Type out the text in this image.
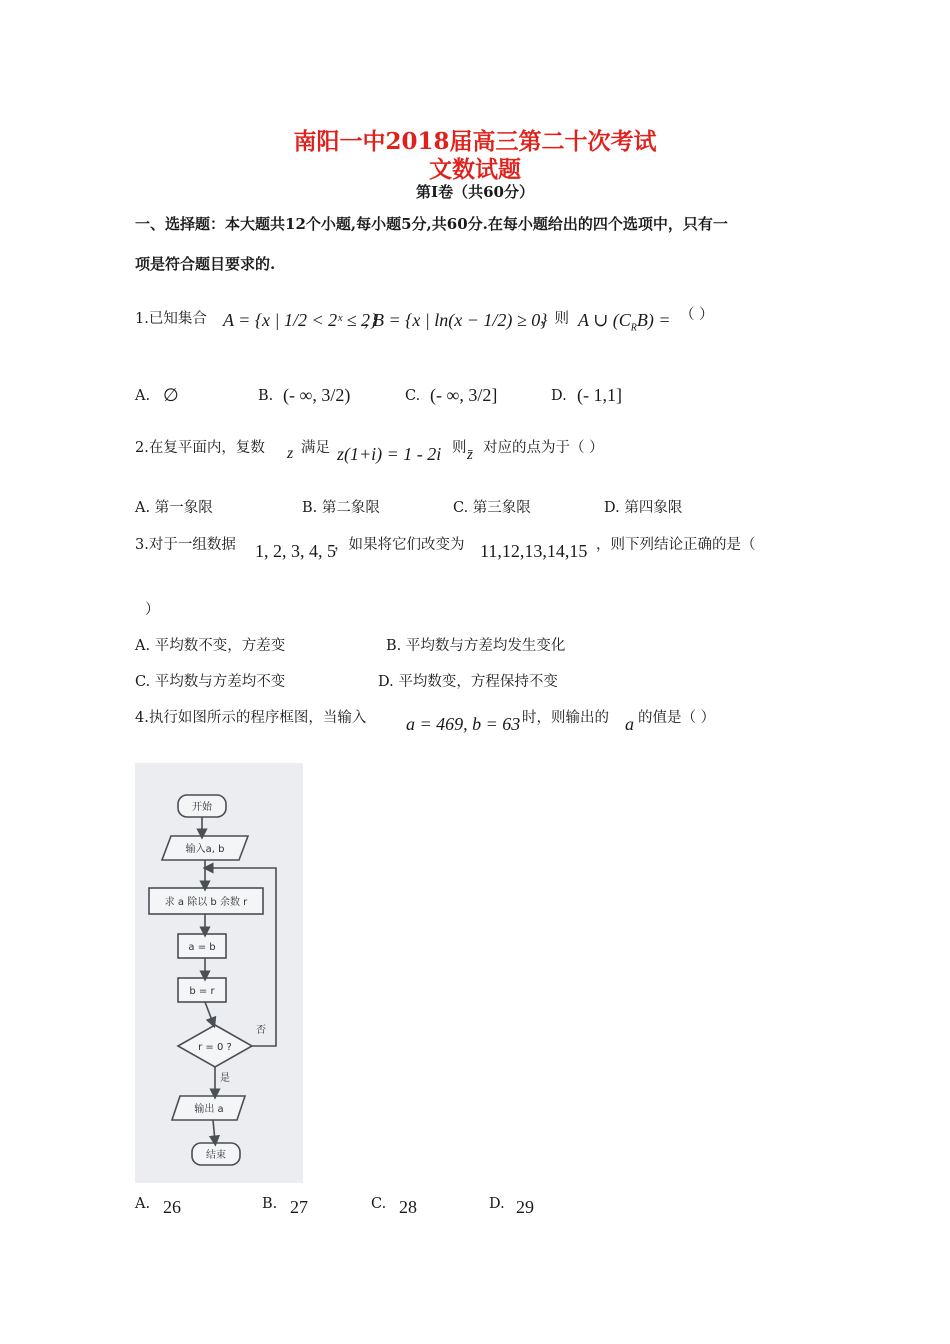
南阳一中2018届高三第二十次考试
文数试题
第Ⅰ卷（共60分）
一、选择题：本大题共12个小题,每小题5分,共60分.在每小题给出的四个选项中，只有一
项是符合题目要求的.
1.已知集合 A = {x | 1/2 < 2ˣ ≤ 2}
, B = {x | ln(x − 1/2) ≥ 0}
，则 A ∪ $(C_RB)$ = （ ）
A. ∅	B. (- ∞, 3/2)	C. (- ∞, 3/2]	D. (- 1,1]
2.在复平面内，复数 z 满足 z(1+i) = 1 - 2i 则 z̄ 对应的点为于（ ）
A. 第一象限	B. 第二象限	C. 第三象限	D. 第四象限
3.对于一组数据 1, 2, 3, 4, 5
，如果将它们改变为 11,12,13,14,15 ，则下列结论正确的是（
）
A. 平均数不变，方差变	B. 平均数与方差均发生变化
C. 平均数与方差均不变	D. 平均数变，方程保持不变
4.执行如图所示的程序框图，当输入 a = 469, b = 63 时，则输出的 a 的值是（ ）
开始
输入a, b
求 a 除以 b 余数 r
a = b
b = r
r = 0 ?
否
是
输出 a
结束
A. 26	B. 27	C. 28	D. 29
